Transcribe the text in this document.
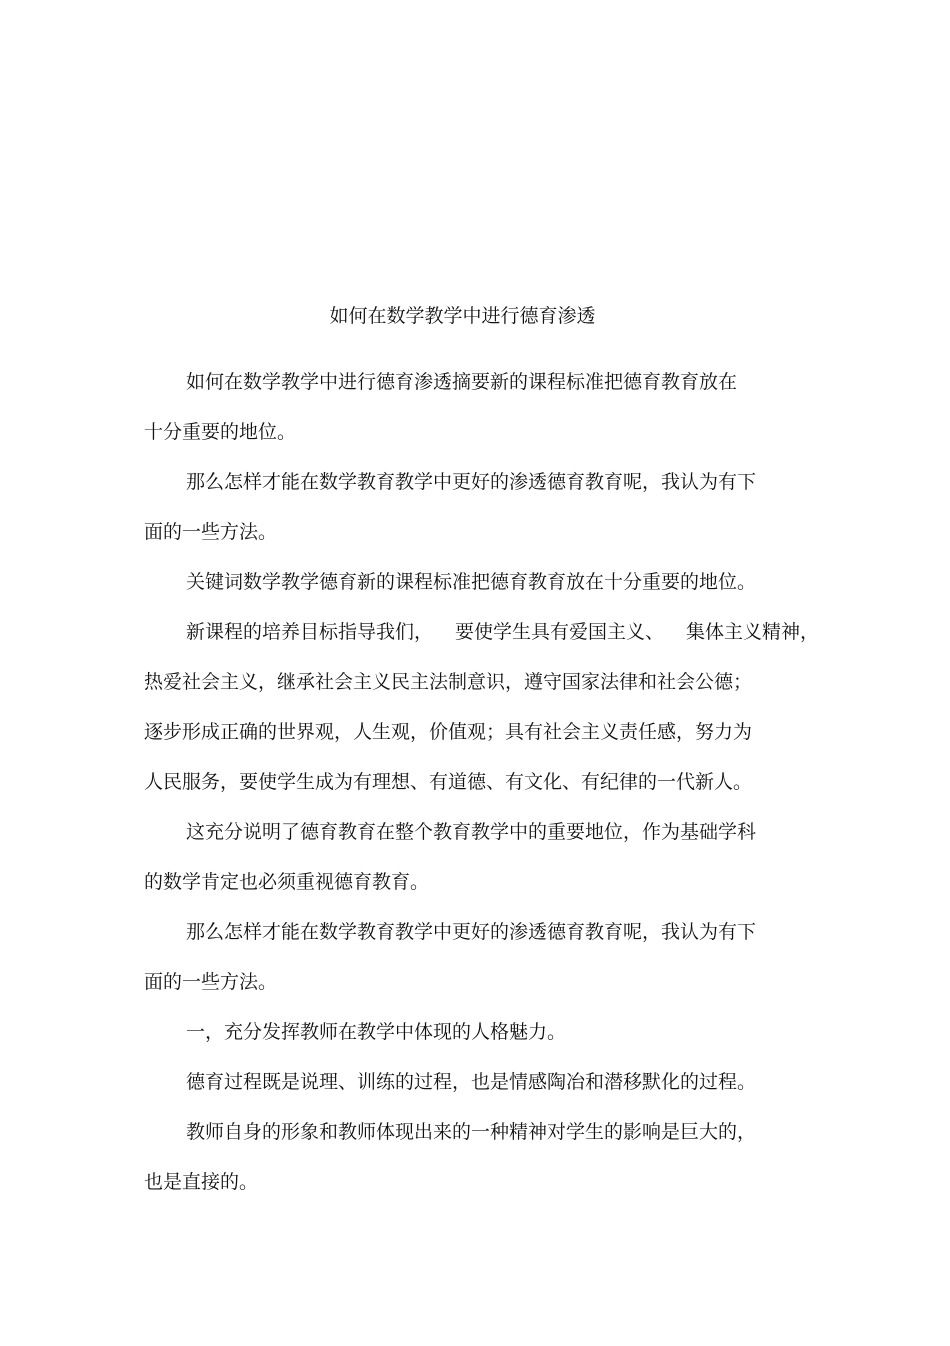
如何在数学教学中进行德育渗透
如何在数学教学中进行德育渗透摘要新的课程标准把德育教育放在
十分重要的地位。
那么怎样才能在数学教育教学中更好的渗透德育教育呢，我认为有下
面的一些方法。
关键词数学教学德育新的课程标准把德育教育放在十分重要的地位。
新课程的培养目标指导我们， 要使学生具有爱国主义、 集体主义精神，
热爱社会主义，继承社会主义民主法制意识，遵守国家法律和社会公德；
逐步形成正确的世界观，人生观，价值观；具有社会主义责任感，努力为
人民服务，要使学生成为有理想、有道德、有文化、有纪律的一代新人。
这充分说明了德育教育在整个教育教学中的重要地位，作为基础学科
的数学肯定也必须重视德育教育。
那么怎样才能在数学教育教学中更好的渗透德育教育呢，我认为有下
面的一些方法。
一，充分发挥教师在教学中体现的人格魅力。
德育过程既是说理、训练的过程，也是情感陶冶和潜移默化的过程。
教师自身的形象和教师体现出来的一种精神对学生的影响是巨大的，
也是直接的。
